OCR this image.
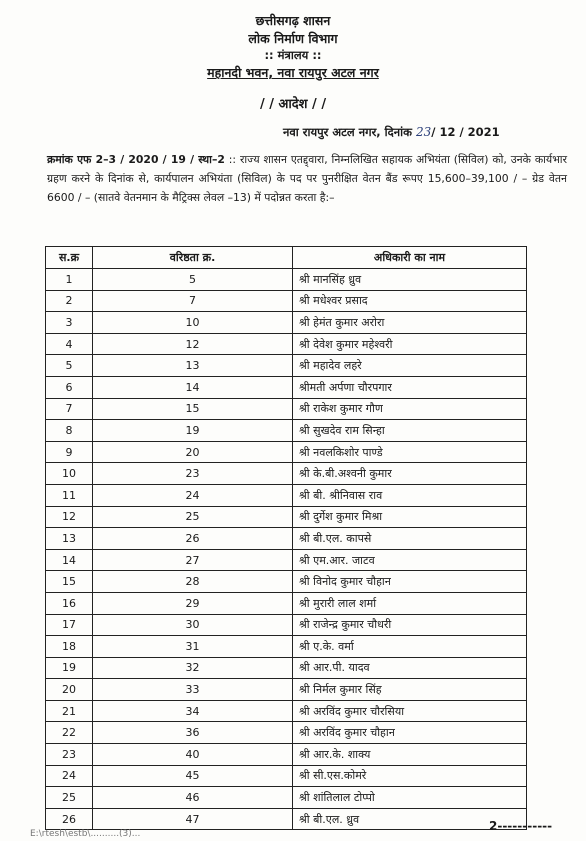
छत्तीसगढ़ शासन
लोक निर्माण विभाग
:: मंत्रालय ::
महानदी भवन, नवा रायपुर अटल नगर
/ / आदेश / /
नवा रायपुर अटल नगर, दिनांक 23/ 12 / 2021
क्रमांक एफ 2–3 / 2020 / 19 / स्था–2 :: राज्य शासन एतद्द्वारा, निम्नलिखित सहायक अभियंता (सिविल) को, उनके कार्यभार ग्रहण करने के दिनांक से, कार्यपालन अभियंता (सिविल) के पद पर पुनरीक्षित वेतन बैंड रूपए 15,600–39,100 / – ग्रेड वेतन 6600 / – (सातवे वेतनमान के मैट्रिक्स लेवल –13) में पदोन्नत करता है:–
स.क्र	वरिष्ठता क्र.	अधिकारी का नाम
1	5	श्री मानसिंह ध्रुव
2	7	श्री मधेश्वर प्रसाद
3	10	श्री हेमंत कुमार अरोरा
4	12	श्री देवेश कुमार महेश्वरी
5	13	श्री महादेव लहरे
6	14	श्रीमती अर्पणा चौरपगार
7	15	श्री राकेश कुमार गौण
8	19	श्री सुखदेव राम सिन्हा
9	20	श्री नवलकिशोर पाण्डे
10	23	श्री के.बी.अश्वनी कुमार
11	24	श्री बी. श्रीनिवास राव
12	25	श्री दुर्गेश कुमार मिश्रा
13	26	श्री बी.एल. कापसे
14	27	श्री एम.आर. जाटव
15	28	श्री विनोद कुमार चौहान
16	29	श्री मुरारी लाल शर्मा
17	30	श्री राजेन्द्र कुमार चौधरी
18	31	श्री ए.के. वर्मा
19	32	श्री आर.पी. यादव
20	33	श्री निर्मल कुमार सिंह
21	34	श्री अरविंद कुमार चौरसिया
22	36	श्री अरविंद कुमार चौहान
23	40	श्री आर.के. शाक्य
24	45	श्री सी.एस.कोमरे
25	46	श्री शांतिलाल टोप्पो
26	47	श्री बी.एल. ध्रुव
E:\rtesh\estb\..........(3)...
2-----------
